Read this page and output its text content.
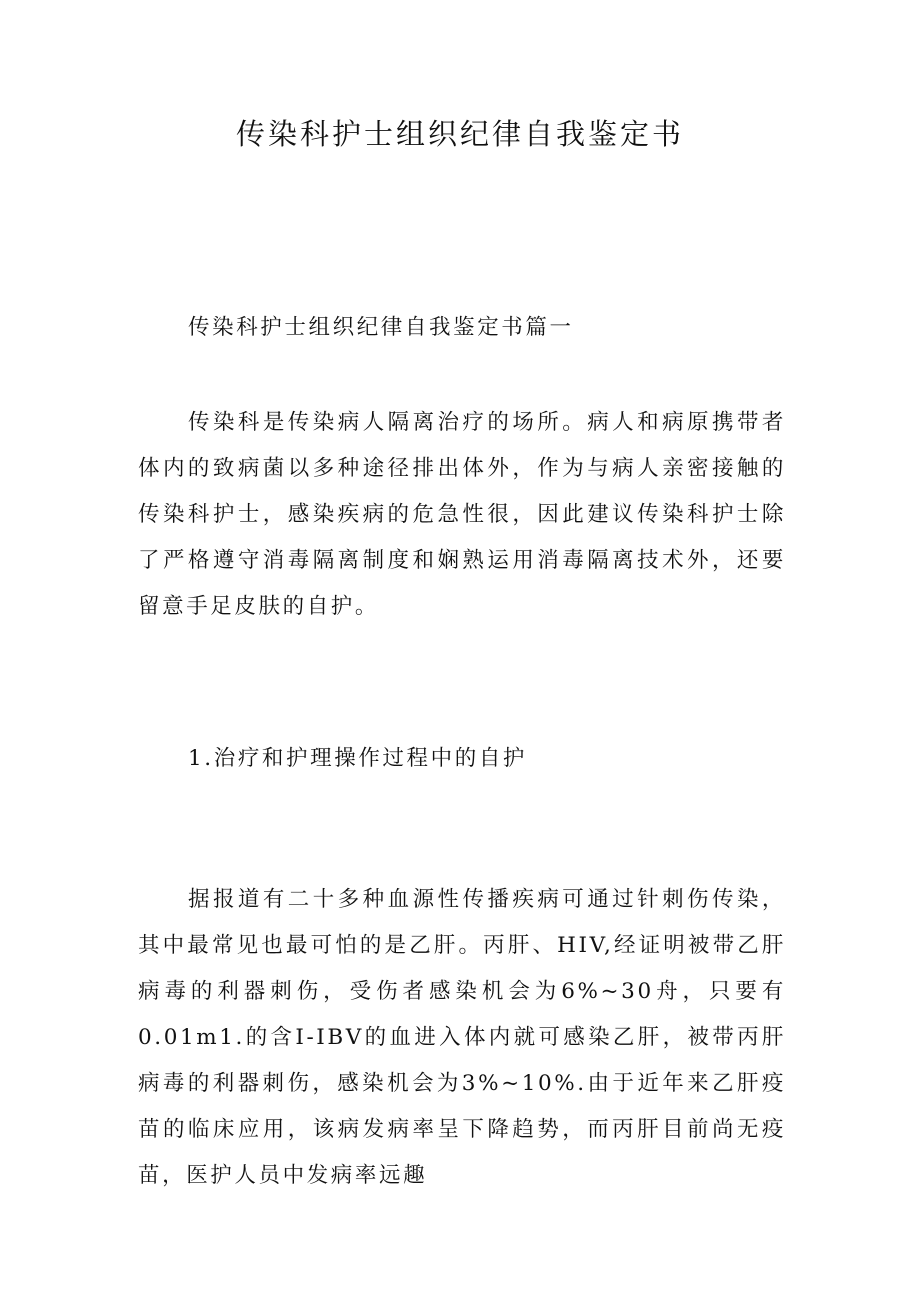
传染科护士组织纪律自我鉴定书

传染科护士组织纪律自我鉴定书篇一

传染科是传染病人隔离治疗的场所。病人和病原携带者体内的致病菌以多种途径排出体外，作为与病人亲密接触的传染科护士，感染疾病的危急性很，因此建议传染科护士除了严格遵守消毒隔离制度和娴熟运用消毒隔离技术外，还要留意手足皮肤的自护。

1.治疗和护理操作过程中的自护

据报道有二十多种血源性传播疾病可通过针刺伤传染，其中最常见也最可怕的是乙肝。丙肝、HIV,经证明被带乙肝病毒的利器刺伤，受伤者感染机会为6%~30舟，只要有0.01m1.的含I-IBV的血进入体内就可感染乙肝，被带丙肝病毒的利器刺伤，感染机会为3%~10%.由于近年来乙肝疫苗的临床应用，该病发病率呈下降趋势，而丙肝目前尚无疫苗，医护人员中发病率远趣
